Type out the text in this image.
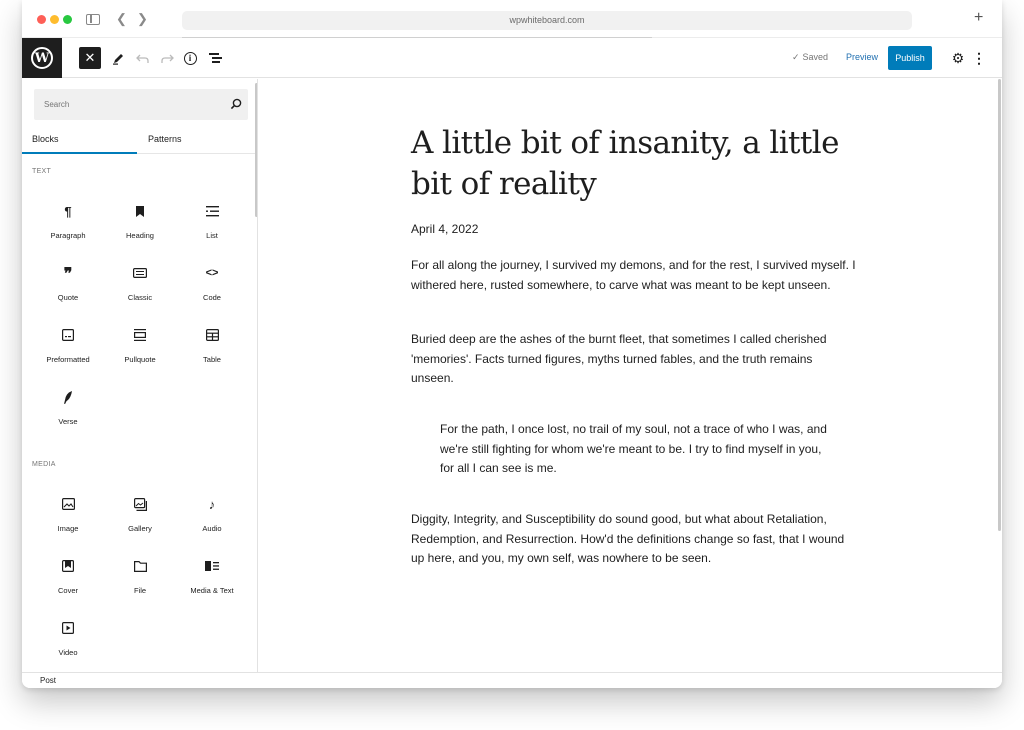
❮ ❯	wpwhiteboard.com	+
W	✕	i	✓ Saved Preview	Publish	⚙ ⋮
Search
Blocks	Patterns
TEXT
¶
Paragraph	Heading	List
❞
Quote	Classic
<>
Code
Preformatted	Pullquote	Table
Verse
MEDIA
Image	Gallery
♪
Audio
Cover	File	Media & Text
Video
A little bit of insanity, a little bit of reality
April 4, 2022

For all along the journey, I survived my demons, and for the rest, I survived myself. I withered here, rusted somewhere, to carve what was meant to be kept unseen.

Buried deep are the ashes of the burnt fleet, that sometimes I called cherished 'memories'. Facts turned figures, myths turned fables, and the truth remains unseen.

For the path, I once lost, no trail of my soul, not a trace of who I was, and we're still fighting for whom we're meant to be. I try to find myself in you, for all I can see is me.

Diggity, Integrity, and Susceptibility do sound good, but what about Retaliation, Redemption, and Resurrection. How'd the definitions change so fast, that I wound up here, and you, my own self, was nowhere to be seen.

Post
